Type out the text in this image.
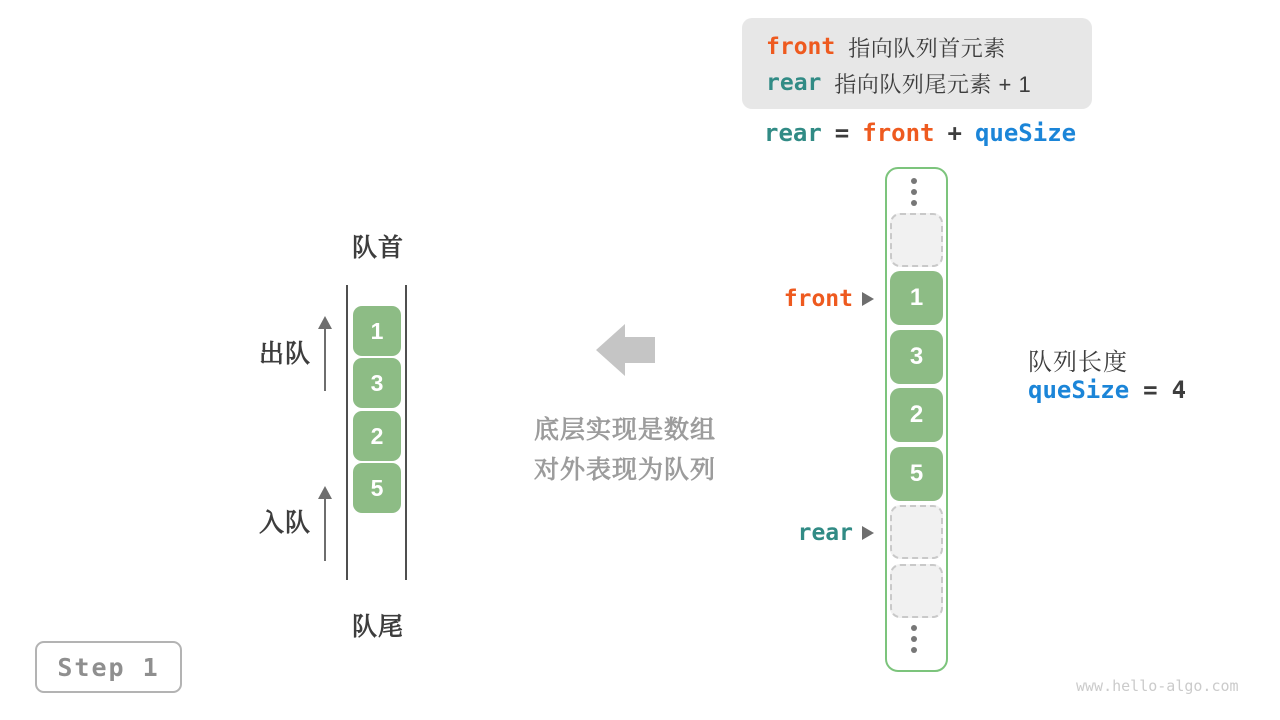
front 指向队列首元素
rear 指向队列尾元素 + 1
rear = front + queSize
队首
队尾
1
3
2
5
出队
入队
底层实现是数组
对外表现为队列
1
3
2
5
front
rear
队列长度
queSize = 4
Step 1
www.hello-algo.com
